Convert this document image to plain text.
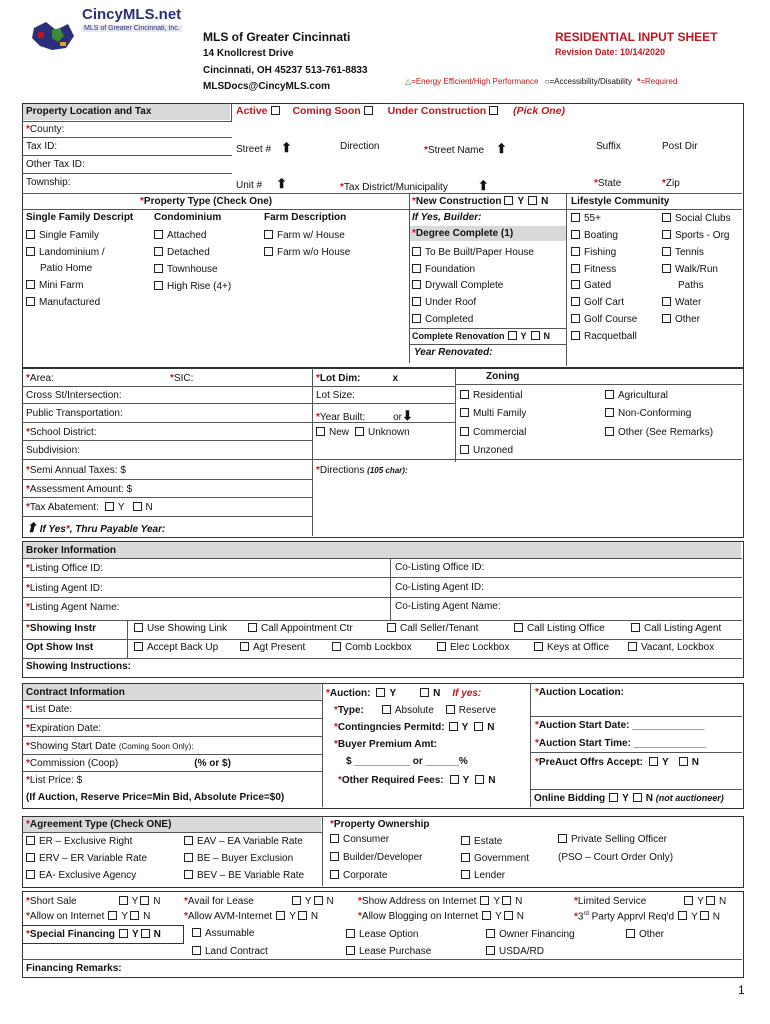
CincyMLS.net
MLS of Greater Cincinnati, Inc.
MLS of Greater Cincinnati
14 Knollcrest Drive
Cincinnati, OH 45237 513-761-8833
MLSDocs@CincyMLS.com
RESIDENTIAL INPUT SHEET
Revision Date: 10/14/2020
△=Energy Efficient/High Performance ○=Accessibility/Disability *=Required
Property Location and Tax	Active Coming Soon	Under Construction	(Pick One)
*County:
Tax ID:	Street # ⬆	Direction	*Street Name ⬆	Suffix	Post Dir
Other Tax ID:
Township:	Unit # ⬆	*Tax District/Municipality ⬆	*State	*Zip
*Property Type (Check One)
Single Family Descript Condominium	Farm Description
Single Family
Landominium /
Patio Home
Mini Farm
Manufactured
Attached
Detached
Townhouse
High Rise (4+)
Farm w/ House
Farm w/o House
*New Construction Y N
If Yes, Builder:
*Degree Complete (1)
To Be Built/Paper House
Foundation
Drywall Complete
Under Roof
Completed
Complete Renovation Y N
Year Renovated:
Lifestyle Community
55+
Boating
Fishing
Fitness
Gated
Golf Cart
Golf Course
Racquetball
Social Clubs
Sports - Org
Tennis
Walk/Run
Paths
Water
Other
*Area:	*SIC:
Cross St/Intersection:
Public Transportation:
*School District:
Subdivision:
*Lot Dim:	x
Lot Size:
*Year Built:	or⬇
New Unknown
Zoning
Residential
Multi Family
Commercial
Unzoned
Agricultural
Non-Conforming
Other (See Remarks)
*Semi Annual Taxes: $
*Assessment Amount: $
*Tax Abatement: Y N
⬆ If Yes*, Thru Payable Year:
*Directions (105 char):
Broker Information
*Listing Office ID:	Co-Listing Office ID:
*Listing Agent ID:	Co-Listing Agent ID:
*Listing Agent Name:	Co-Listing Agent Name:
*Showing Instr	Use Showing Link	Call Appointment Ctr	Call Seller/Tenant	Call Listing Office	Call Listing Agent
Opt Show Inst	Accept Back Up	Agt Present	Comb Lockbox	Elec Lockbox	Keys at Office	Vacant, Lockbox
Showing Instructions:
Contract Information
*List Date:
*Expiration Date:
*Showing Start Date (Coming Soon Only):
*Commission (Coop)	(% or $)
*List Price: $
(If Auction, Reserve Price=Min Bid, Absolute Price=$0)
*Auction: Y	N If yes:
*Type:	Absolute	Reserve
*Contingncies Permitd: Y N
*Buyer Premium Amt:
$ __________ or ______%
*Other Required Fees: Y N
*Auction Location:
*Auction Start Date: _____________
*Auction Start Time: _____________
*PreAuct Offrs Accept: Y N
Online Bidding Y N (not auctioneer)
*Agreement Type (Check ONE)
ER – Exclusive Right
ERV – ER Variable Rate
EA- Exclusive Agency
EAV – EA Variable Rate
BE – Buyer Exclusion
BEV – BE Variable Rate
*Property Ownership
Consumer
Builder/Developer
Corporate
Estate
Government
Lender
Private Selling Officer
(PSO – Court Order Only)
*Short Sale	Y N
*Allow on Internet Y N
*Avail for Lease	Y N
*Allow AVM-Internet Y N
*Show Address on Internet Y N
*Allow Blogging on Internet Y N
*Limited Service	Y N
*3rd Party Apprvl Req'd Y N
*Special Financing Y N	Assumable
Land Contract
Lease Option
Lease Purchase
Owner Financing
USDA/RD
Other
Financing Remarks:
1
